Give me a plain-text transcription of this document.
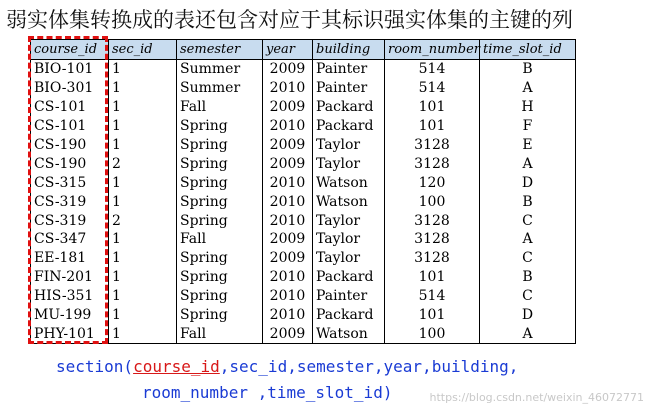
弱实体集转换成的表还包含对应于其标识强实体集的主键的列
course_id	sec_id	semester	year	building	room_number	time_slot_id
BIO-101	1	Summer	2009	Painter	514	B
BIO-301	1	Summer	2010	Painter	514	A
CS-101	1	Fall	2009	Packard	101	H
CS-101	1	Spring	2010	Packard	101	F
CS-190	1	Spring	2009	Taylor	3128	E
CS-190	2	Spring	2009	Taylor	3128	A
CS-315	1	Spring	2010	Watson	120	D
CS-319	1	Spring	2010	Watson	100	B
CS-319	2	Spring	2010	Taylor	3128	C
CS-347	1	Fall	2009	Taylor	3128	A
EE-181	1	Spring	2009	Taylor	3128	C
FIN-201	1	Spring	2010	Packard	101	B
HIS-351	1	Spring	2010	Painter	514	C
MU-199	1	Spring	2010	Packard	101	D
PHY-101	1	Fall	2009	Watson	100	A
section(course_id,sec_id,semester,year,building,
room_number ,time_slot_id)	https://blog.csdn.net/weixin_46072771
